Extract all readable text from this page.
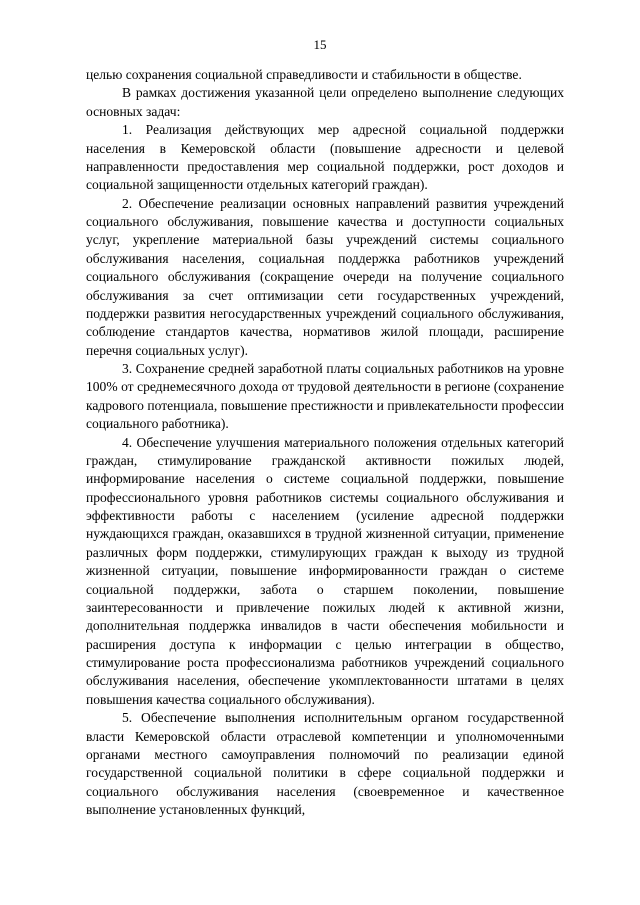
15

целью сохранения социальной справедливости и стабильности в обществе.

В рамках достижения указанной цели определено выполнение следующих основных задач:

1. Реализация действующих мер адресной социальной поддержки населения в Кемеровской области (повышение адресности и целевой направленности предоставления мер социальной поддержки, рост доходов и социальной защищенности отдельных категорий граждан).

2. Обеспечение реализации основных направлений развития учреждений социального обслуживания, повышение качества и доступности социальных услуг, укрепление материальной базы учреждений системы социального обслуживания населения, социальная поддержка работников учреждений социального обслуживания (сокращение очереди на получение социального обслуживания за счет оптимизации сети государственных учреждений, поддержки развития негосударственных учреждений социального обслуживания, соблюдение стандартов качества, нормативов жилой площади, расширение перечня социальных услуг).

3. Сохранение средней заработной платы социальных работников на уровне 100% от среднемесячного дохода от трудовой деятельности в регионе (сохранение кадрового потенциала, повышение престижности и привлекательности профессии социального работника).

4. Обеспечение улучшения материального положения отдельных категорий граждан, стимулирование гражданской активности пожилых людей, информирование населения о системе социальной поддержки, повышение профессионального уровня работников системы социального обслуживания и эффективности работы с населением (усиление адресной поддержки нуждающихся граждан, оказавшихся в трудной жизненной ситуации, применение различных форм поддержки, стимулирующих граждан к выходу из трудной жизненной ситуации, повышение информированности граждан о системе социальной поддержки, забота о старшем поколении, повышение заинтересованности и привлечение пожилых людей к активной жизни, дополнительная поддержка инвалидов в части обеспечения мобильности и расширения доступа к информации с целью интеграции в общество, стимулирование роста профессионализма работников учреждений социального обслуживания населения, обеспечение укомплектованности штатами в целях повышения качества социального обслуживания).

5. Обеспечение выполнения исполнительным органом государственной власти Кемеровской области отраслевой компетенции и уполномоченными органами местного самоуправления полномочий по реализации единой государственной социальной политики в сфере социальной поддержки и социального обслуживания населения (своевременное и качественное выполнение установленных функций,
